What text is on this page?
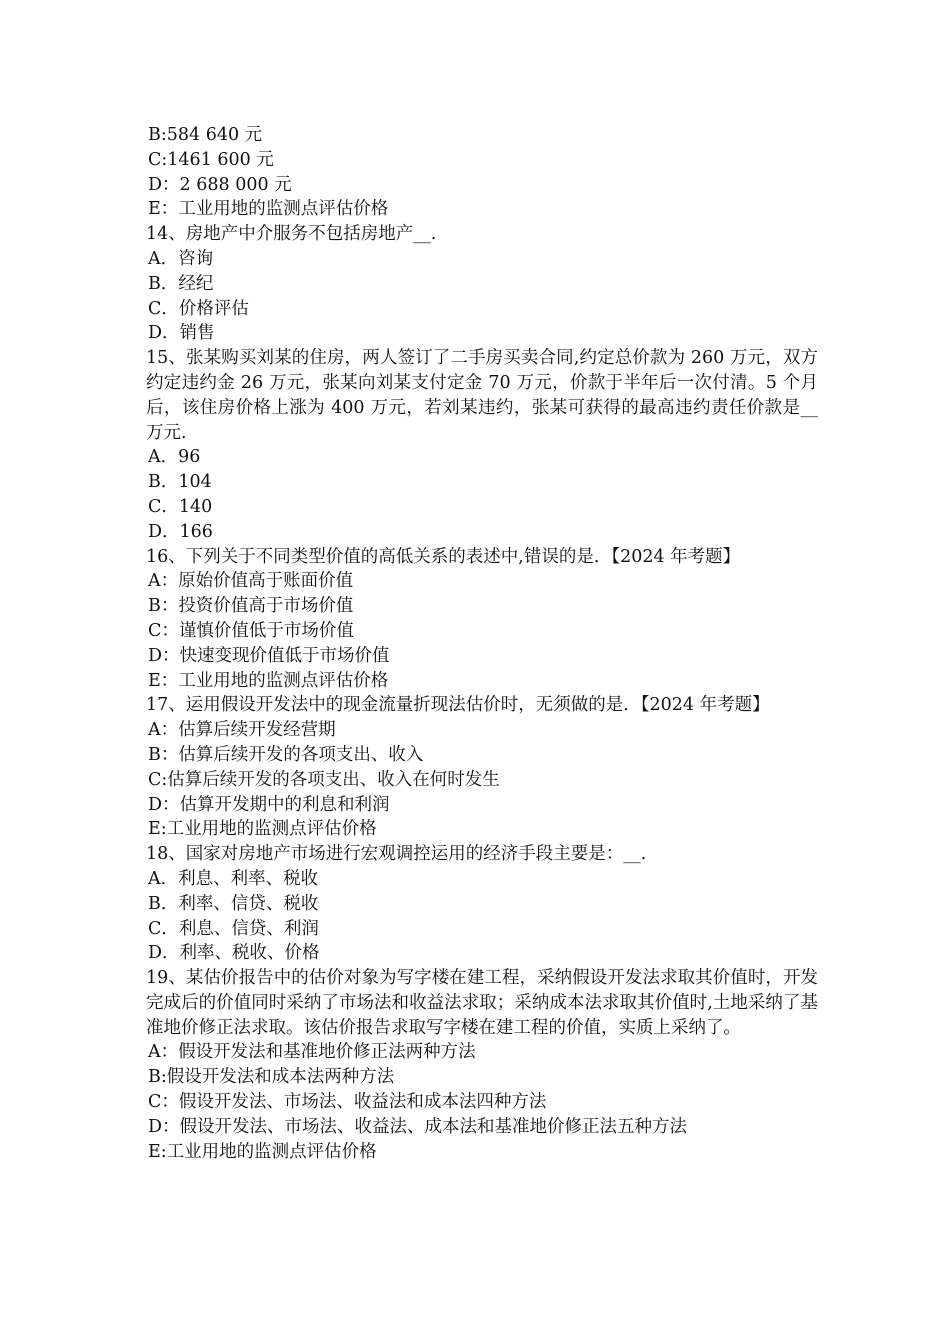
B:584 640 元

C:1461 600 元

D：2 688 000 元

E：工业用地的监测点评估价格

14、房地产中介服务不包括房地产__.

A．咨询

B．经纪

C．价格评估

D．销售

15、张某购买刘某的住房，两人签订了二手房买卖合同,约定总价款为 260 万元，双方约定违约金 26 万元，张某向刘某支付定金 70 万元，价款于半年后一次付清。5 个月后，该住房价格上涨为 400 万元，若刘某违约，张某可获得的最高违约责任价款是__万元.

A．96

B．104

C．140

D．166

16、下列关于不同类型价值的高低关系的表述中,错误的是．【2024 年考题】

A：原始价值高于账面价值

B：投资价值高于市场价值

C：谨慎价值低于市场价值

D：快速变现价值低于市场价值

E：工业用地的监测点评估价格

17、运用假设开发法中的现金流量折现法估价时，无须做的是．【2024 年考题】

A：估算后续开发经营期

B：估算后续开发的各项支出、收入

C:估算后续开发的各项支出、收入在何时发生

D：估算开发期中的利息和利润

E:工业用地的监测点评估价格

18、国家对房地产市场进行宏观调控运用的经济手段主要是：__.

A．利息、利率、税收

B．利率、信贷、税收

C．利息、信贷、利润

D．利率、税收、价格

19、某估价报告中的估价对象为写字楼在建工程，采纳假设开发法求取其价值时，开发完成后的价值同时采纳了市场法和收益法求取；采纳成本法求取其价值时,土地采纳了基准地价修正法求取。该估价报告求取写字楼在建工程的价值，实质上采纳了。

A：假设开发法和基准地价修正法两种方法

B:假设开发法和成本法两种方法

C：假设开发法、市场法、收益法和成本法四种方法

D：假设开发法、市场法、收益法、成本法和基准地价修正法五种方法

E:工业用地的监测点评估价格
